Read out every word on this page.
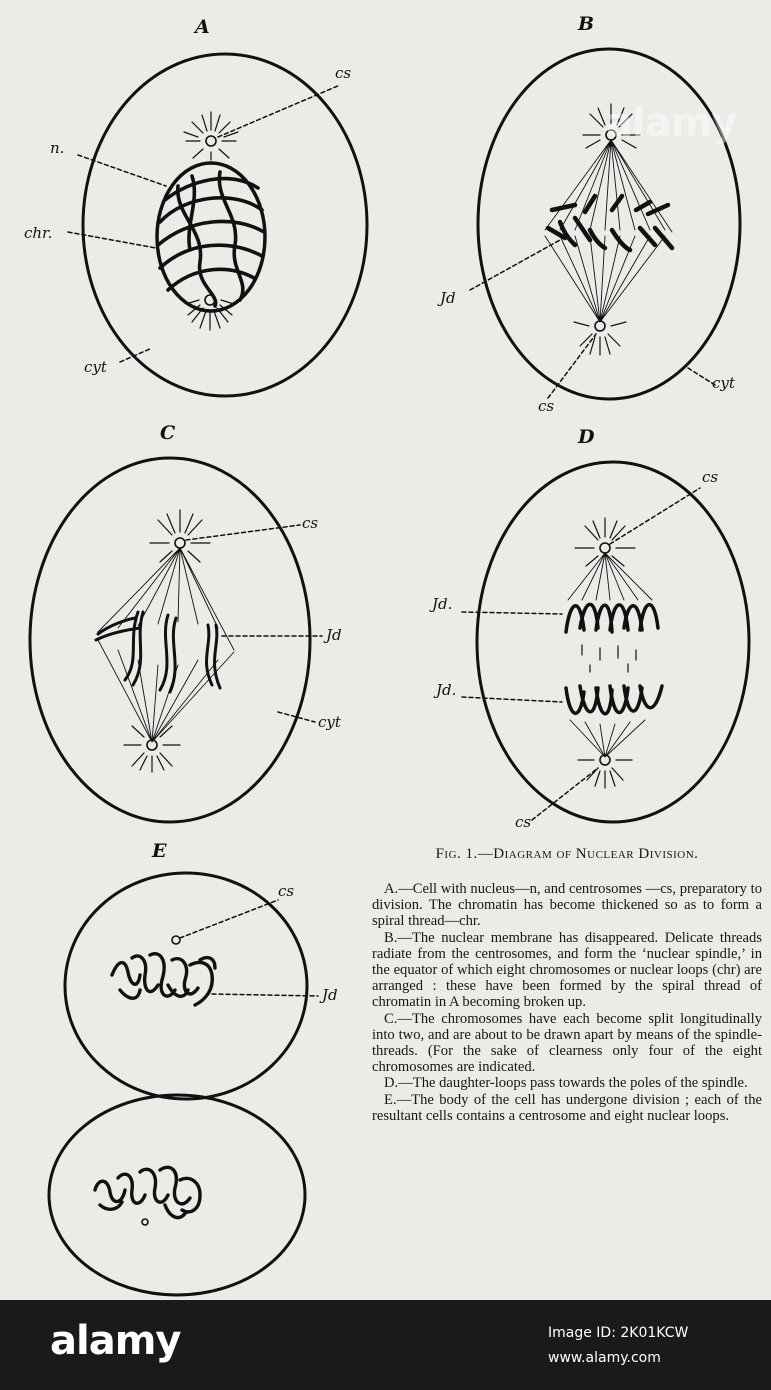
A	B
C	D
E
cs
n.
chr.
cyt
Jd
cs
cyt
cs
Jd
cyt
cs
Jd.
Jd.
cs
cs
Jd
Fig. 1.—Diagram of Nuclear Division.

A.—Cell with nucleus—n, and centrosomes —cs, preparatory to division. The chromatin has become thickened so as to form a spiral thread—chr.

B.—The nuclear membrane has disappeared. Delicate threads radiate from the centrosomes, and form the ‘nuclear spindle,’ in the equator of which eight chromosomes or nuclear loops (chr) are arranged : these have been formed by the spiral thread of chromatin in A becoming broken up.

C.—The chromosomes have each become split longitudinally into two, and are about to be drawn apart by means of the spindle-threads. (For the sake of clearness only four of the eight chromosomes are indicated.

D.—The daughter-loops pass towards the poles of the spindle.

E.—The body of the cell has undergone division ; each of the resultant cells contains a centrosome and eight nuclear loops.

alamy
alamy	Image ID: 2K01KCW
www.alamy.com
